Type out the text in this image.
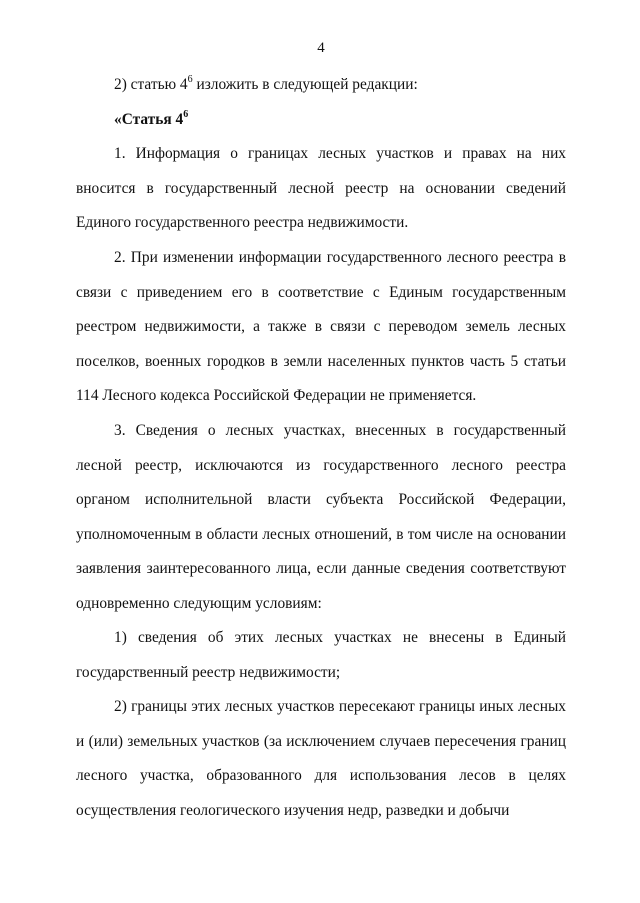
4

2) статью $4^6$ изложить в следующей редакции:

«Статья $4^6$

1. Информация о границах лесных участков и правах на них вносится в государственный лесной реестр на основании сведений Единого государственного реестра недвижимости.

2. При изменении информации государственного лесного реестра в связи с приведением его в соответствие с Единым государственным реестром недвижимости, а также в связи с переводом земель лесных поселков, военных городков в земли населенных пунктов часть 5 статьи 114 Лесного кодекса Российской Федерации не применяется.

3. Сведения о лесных участках, внесенных в государственный лесной реестр, исключаются из государственного лесного реестра органом исполнительной власти субъекта Российской Федерации, уполномоченным в области лесных отношений, в том числе на основании заявления заинтересованного лица, если данные сведения соответствуют одновременно следующим условиям:

1) сведения об этих лесных участках не внесены в Единый государственный реестр недвижимости;

2) границы этих лесных участков пересекают границы иных лесных и (или) земельных участков (за исключением случаев пересечения границ лесного участка, образованного для использования лесов в целях осуществления геологического изучения недр, разведки и добычи
